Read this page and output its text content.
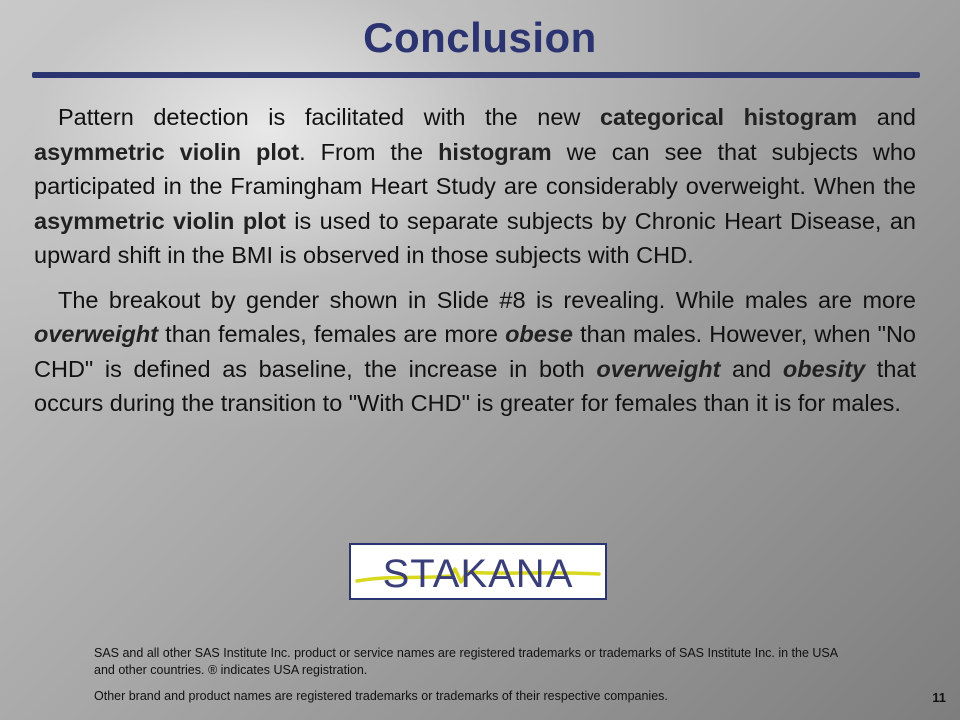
Conclusion

Pattern detection is facilitated with the new categorical histogram and asymmetric violin plot. From the histogram we can see that subjects who participated in the Framingham Heart Study are considerably overweight. When the asymmetric violin plot is used to separate subjects by Chronic Heart Disease, an upward shift in the BMI is observed in those subjects with CHD.

The breakout by gender shown in Slide #8 is revealing. While males are more overweight than females, females are more obese than males. However, when "No CHD" is defined as baseline, the increase in both overweight and obesity that occurs during the transition to "With CHD" is greater for females than it is for males.

STAKANA

SAS and all other SAS Institute Inc. product or service names are registered trademarks or trademarks of SAS Institute Inc. in the USA and other countries. ® indicates USA registration.

Other brand and product names are registered trademarks or trademarks of their respective companies.	11
